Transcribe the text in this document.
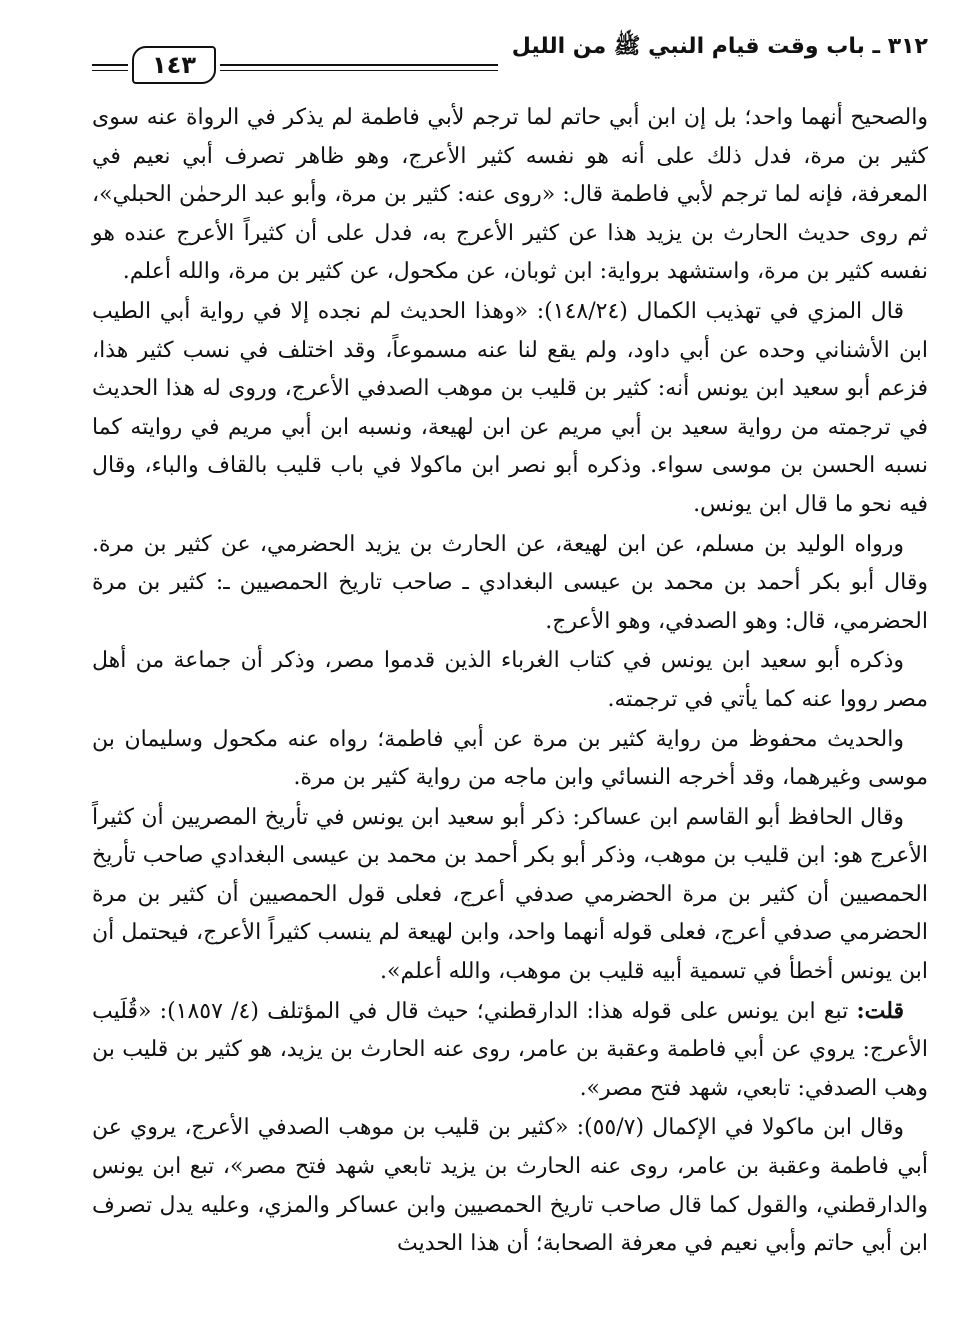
٣١٢ ـ باب وقت قيام النبي ﷺ من الليل
١٤٣

والصحيح أنهما واحد؛ بل إن ابن أبي حاتم لما ترجم لأبي فاطمة لم يذكر في الرواة عنه سوى كثير بن مرة، فدل ذلك على أنه هو نفسه كثير الأعرج، وهو ظاهر تصرف أبي نعيم في المعرفة، فإنه لما ترجم لأبي فاطمة قال: «روى عنه: كثير بن مرة، وأبو عبد الرحمٰن الحبلي»، ثم روى حديث الحارث بن يزيد هذا عن كثير الأعرج به، فدل على أن كثيراً الأعرج عنده هو نفسه كثير بن مرة، واستشهد برواية: ابن ثوبان، عن مكحول، عن كثير بن مرة، والله أعلم.

قال المزي في تهذيب الكمال (١٤٨/٢٤): «وهذا الحديث لم نجده إلا في رواية أبي الطيب ابن الأشناني وحده عن أبي داود، ولم يقع لنا عنه مسموعاً، وقد اختلف في نسب كثير هذا، فزعم أبو سعيد ابن يونس أنه: كثير بن قليب بن موهب الصدفي الأعرج، وروى له هذا الحديث في ترجمته من رواية سعيد بن أبي مريم عن ابن لهيعة، ونسبه ابن أبي مريم في روايته كما نسبه الحسن بن موسى سواء. وذكره أبو نصر ابن ماكولا في باب قليب بالقاف والباء، وقال فيه نحو ما قال ابن يونس.

ورواه الوليد بن مسلم، عن ابن لهيعة، عن الحارث بن يزيد الحضرمي، عن كثير بن مرة. وقال أبو بكر أحمد بن محمد بن عيسى البغدادي ـ صاحب تاريخ الحمصيين ـ: كثير بن مرة الحضرمي، قال: وهو الصدفي، وهو الأعرج.

وذكره أبو سعيد ابن يونس في كتاب الغرباء الذين قدموا مصر، وذكر أن جماعة من أهل مصر رووا عنه كما يأتي في ترجمته.

والحديث محفوظ من رواية كثير بن مرة عن أبي فاطمة؛ رواه عنه مكحول وسليمان بن موسى وغيرهما، وقد أخرجه النسائي وابن ماجه من رواية كثير بن مرة.

وقال الحافظ أبو القاسم ابن عساكر: ذكر أبو سعيد ابن يونس في تأريخ المصريين أن كثيراً الأعرج هو: ابن قليب بن موهب، وذكر أبو بكر أحمد بن محمد بن عيسى البغدادي صاحب تأريخ الحمصيين أن كثير بن مرة الحضرمي صدفي أعرج، فعلى قول الحمصيين أن كثير بن مرة الحضرمي صدفي أعرج، فعلى قوله أنهما واحد، وابن لهيعة لم ينسب كثيراً الأعرج، فيحتمل أن ابن يونس أخطأ في تسمية أبيه قليب بن موهب، والله أعلم».

قلت: تبع ابن يونس على قوله هذا: الدارقطني؛ حيث قال في المؤتلف (٤/ ١٨٥٧): «قُلَيب الأعرج: يروي عن أبي فاطمة وعقبة بن عامر، روى عنه الحارث بن يزيد، هو كثير بن قليب بن وهب الصدفي: تابعي، شهد فتح مصر».

وقال ابن ماكولا في الإكمال (٥٥/٧): «كثير بن قليب بن موهب الصدفي الأعرج، يروي عن أبي فاطمة وعقبة بن عامر، روى عنه الحارث بن يزيد تابعي شهد فتح مصر»، تبع ابن يونس والدارقطني، والقول كما قال صاحب تاريخ الحمصيين وابن عساكر والمزي، وعليه يدل تصرف ابن أبي حاتم وأبي نعيم في معرفة الصحابة؛ أن هذا الحديث
